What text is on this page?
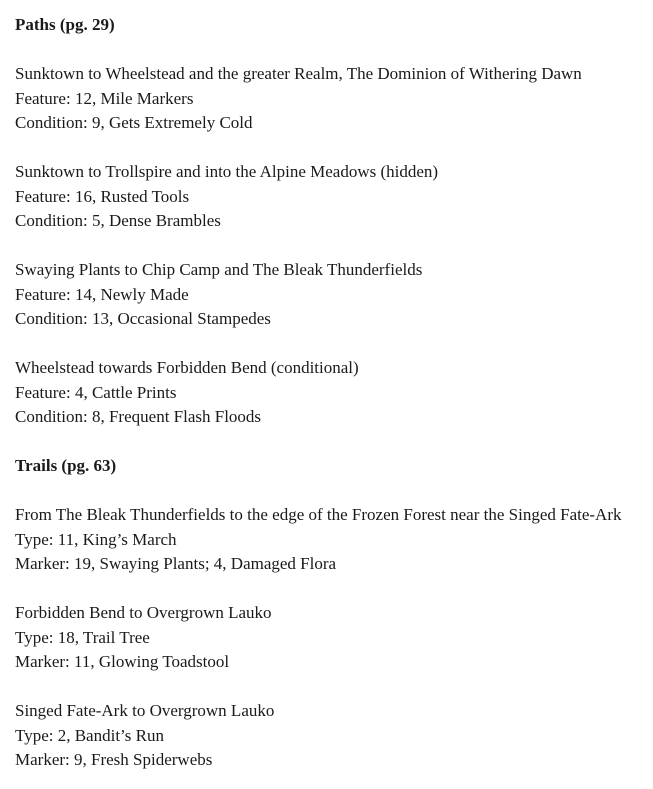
Paths (pg. 29)
Sunktown to Wheelstead and the greater Realm, The Dominion of Withering Dawn
Feature: 12, Mile Markers
Condition: 9, Gets Extremely Cold
Sunktown to Trollspire and into the Alpine Meadows (hidden)
Feature: 16, Rusted Tools
Condition: 5, Dense Brambles
Swaying Plants to Chip Camp and The Bleak Thunderfields
Feature: 14, Newly Made
Condition: 13, Occasional Stampedes
Wheelstead towards Forbidden Bend (conditional)
Feature: 4, Cattle Prints
Condition: 8, Frequent Flash Floods
Trails (pg. 63)
From The Bleak Thunderfields to the edge of the Frozen Forest near the Singed Fate-Ark
Type: 11, King’s March
Marker: 19, Swaying Plants; 4, Damaged Flora
Forbidden Bend to Overgrown Lauko
Type: 18, Trail Tree
Marker: 11, Glowing Toadstool
Singed Fate-Ark to Overgrown Lauko
Type: 2, Bandit’s Run
Marker: 9, Fresh Spiderwebs
